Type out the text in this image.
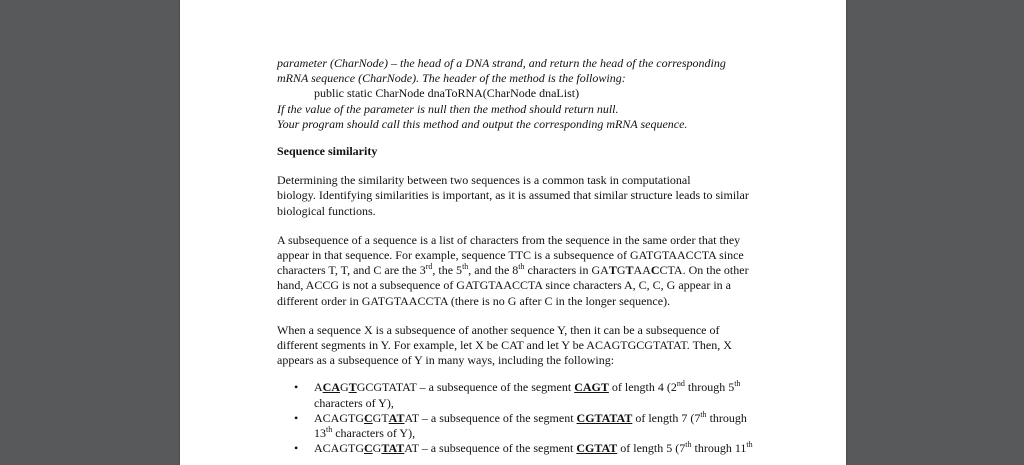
parameter (CharNode) – the head of a DNA strand, and return the head of the corresponding

mRNA sequence (CharNode). The header of the method is the following:

public static CharNode dnaToRNA(CharNode dnaList)

If the value of the parameter is null then the method should return null.

Your program should call this method and output the corresponding mRNA sequence.

Sequence similarity

Determining the similarity between two sequences is a common task in computational

biology. Identifying similarities is important, as it is assumed that similar structure leads to similar

biological functions.

A subsequence of a sequence is a list of characters from the sequence in the same order that they

appear in that sequence. For example, sequence TTC is a subsequence of GATGTAACCTA since

characters T, T, and C are the 3rd, the 5th, and the 8th characters in GATGTAACCTA. On the other

hand, ACCG is not a subsequence of GATGTAACCTA since characters A, C, C, G appear in a

different order in GATGTAACCTA (there is no G after C in the longer sequence).

When a sequence X is a subsequence of another sequence Y, then it can be a subsequence of

different segments in Y. For example, let X be CAT and let Y be ACAGTGCGTATAT. Then, X

appears as a subsequence of Y in many ways, including the following:

• ACAGTGCGTATAT – a subsequence of the segment CAGT of length 4 (2nd through 5th

characters of Y),

• ACAGTGCGTATAT – a subsequence of the segment CGTATAT of length 7 (7th through

13th characters of Y),

• ACAGTGCGTATAT – a subsequence of the segment CGTAT of length 5 (7th through 11th
